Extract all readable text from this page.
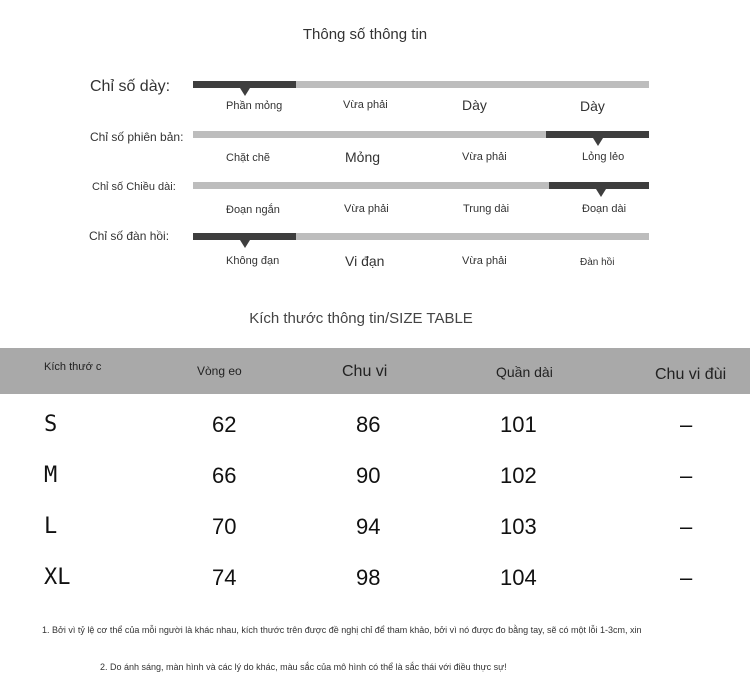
Thông số thông tin
Chỉ số dày:
Phần mỏng	Vừa phải	Dày	Dày
Chỉ số phiên bản:
Chặt chẽ	Mỏng	Vừa phải	Lỏng lẻo
Chỉ số Chiều dài:
Đoạn ngắn	Vừa phải	Trung dài	Đoạn dài
Chỉ số đàn hồi:
Không đạn	Vi đạn	Vừa phải	Đàn hồi
Kích thước thông tin/SIZE TABLE
Kích thướ c	Vòng eo	Chu vi	Quần dài	Chu vi đùi
S	62	86	101	–
M	66	90	102	–
L	70	94	103	–
XL	74	98	104	–
1. Bởi vì tỷ lệ cơ thể của mỗi người là khác nhau, kích thước trên được đề nghị chỉ để tham khảo, bởi vì nó được đo bằng tay, sẽ có một lỗi 1-3cm, xin
2. Do ánh sáng, màn hình và các lý do khác, màu sắc của mô hình có thể là sắc thái với điều thực sự!
